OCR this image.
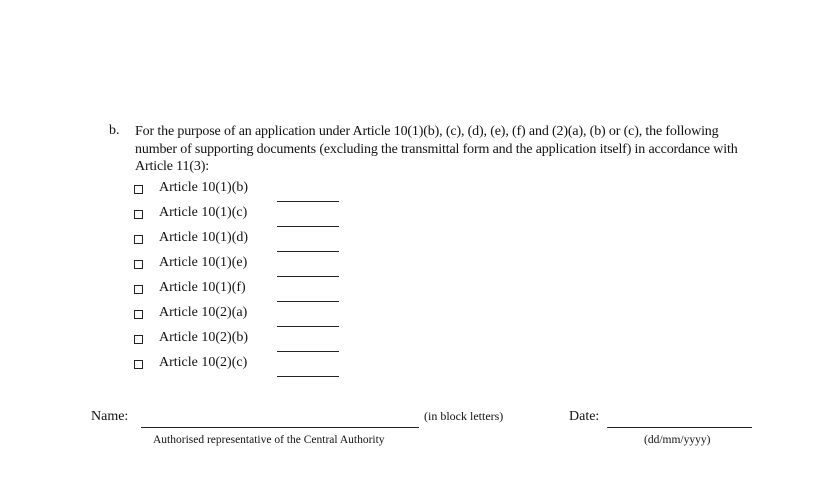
b. For the purpose of an application under Article 10(1)(b), (c), (d), (e), (f) and (2)(a), (b) or (c), the following number of supporting documents (excluding the transmittal form and the application itself) in accordance with Article 11(3):
Article 10(1)(b)
Article 10(1)(c)
Article 10(1)(d)
Article 10(1)(e)
Article 10(1)(f)
Article 10(2)(a)
Article 10(2)(b)
Article 10(2)(c)
Name:	(in block letters)
Authorised representative of the Central Authority
Date:
(dd/mm/yyyy)
